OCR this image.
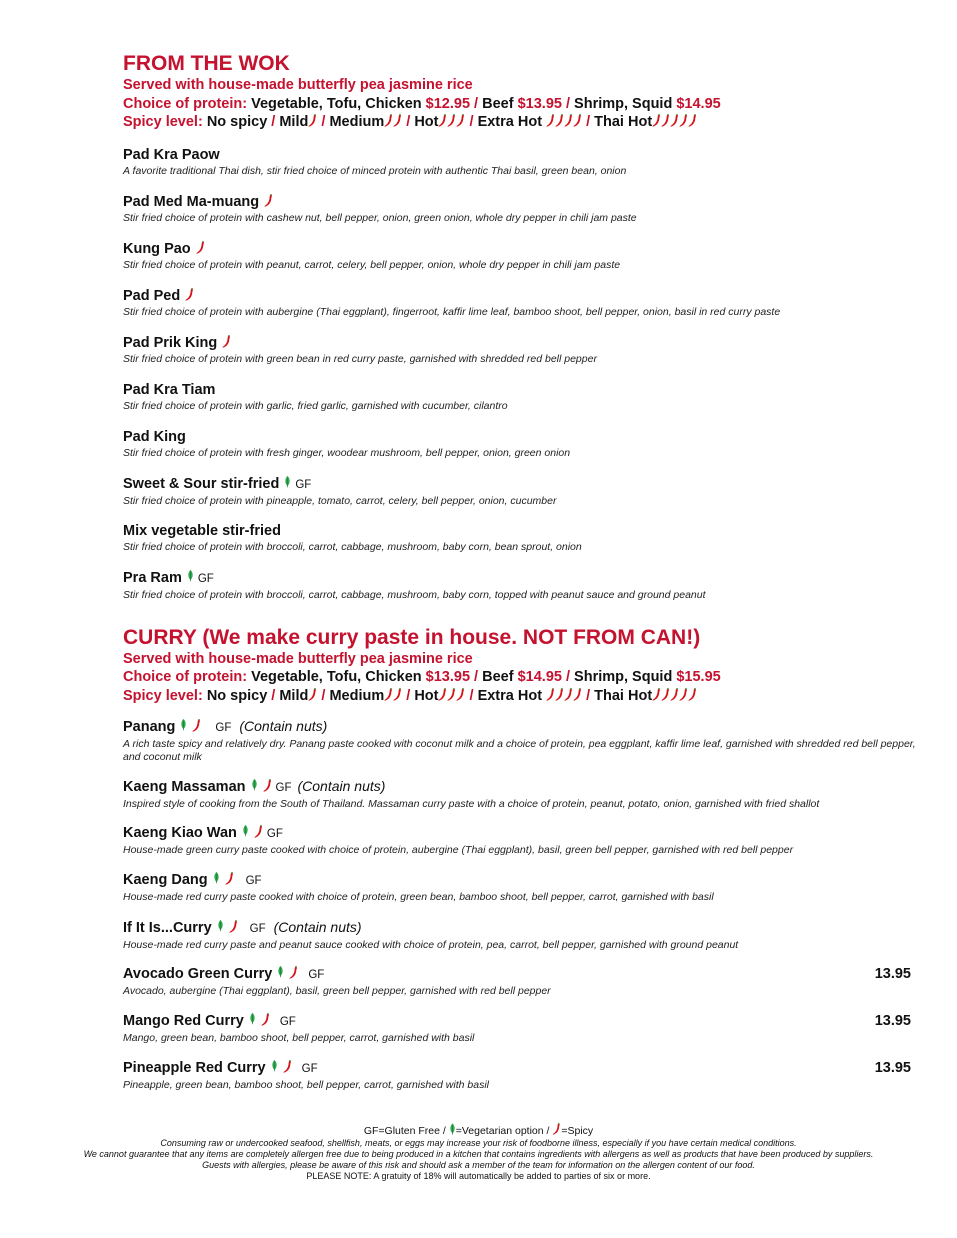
FROM THE WOK
Served with house-made butterfly pea jasmine rice
Choice of protein: Vegetable, Tofu, Chicken $12.95 / Beef $13.95 / Shrimp, Squid $14.95
Spicy level: No spicy / Mild / Medium / Hot / Extra Hot	/ Thai Hot
Pad Kra Paow
A favorite traditional Thai dish, stir fried choice of minced protein with authentic Thai basil, green bean, onion
Pad Med Ma-muang
Stir fried choice of protein with cashew nut, bell pepper, onion, green onion, whole dry pepper in chili jam paste
Kung Pao
Stir fried choice of protein with peanut, carrot, celery, bell pepper, onion, whole dry pepper in chili jam paste
Pad Ped
Stir fried choice of protein with aubergine (Thai eggplant), fingerroot, kaffir lime leaf, bamboo shoot, bell pepper, onion, basil in red curry paste
Pad Prik King
Stir fried choice of protein with green bean in red curry paste, garnished with shredded red bell pepper
Pad Kra Tiam
Stir fried choice of protein with garlic, fried garlic, garnished with cucumber, cilantro
Pad King
Stir fried choice of protein with fresh ginger, woodear mushroom, bell pepper, onion, green onion
Sweet & Sour stir-fried GF
Stir fried choice of protein with pineapple, tomato, carrot, celery, bell pepper, onion, cucumber
Mix vegetable stir-fried
Stir fried choice of protein with broccoli, carrot, cabbage, mushroom, baby corn, bean sprout, onion
Pra Ram GF
Stir fried choice of protein with broccoli, carrot, cabbage, mushroom, baby corn, topped with peanut sauce and ground peanut
CURRY (We make curry paste in house. NOT FROM CAN!)
Served with house-made butterfly pea jasmine rice
Choice of protein: Vegetable, Tofu, Chicken $13.95 / Beef $14.95 / Shrimp, Squid $15.95
Spicy level: No spicy / Mild / Medium / Hot / Extra Hot	/ Thai Hot
Panang	GF (Contain nuts)
A rich taste spicy and relatively dry. Panang paste cooked with coconut milk and a choice of protein, pea eggplant, kaffir lime leaf, garnished with shredded red bell pepper, and coconut milk
Kaeng Massaman	GF (Contain nuts)
Inspired style of cooking from the South of Thailand. Massaman curry paste with a choice of protein, peanut, potato, onion, garnished with fried shallot
Kaeng Kiao Wan	GF
House-made green curry paste cooked with choice of protein, aubergine (Thai eggplant), basil, green bell pepper, garnished with red bell pepper
Kaeng Dang	GF
House-made red curry paste cooked with choice of protein, green bean, bamboo shoot, bell pepper, carrot, garnished with basil
If It Is...Curry	GF (Contain nuts)
House-made red curry paste and peanut sauce cooked with choice of protein, pea, carrot, bell pepper, garnished with ground peanut
Avocado Green Curry	GF	13.95
Avocado, aubergine (Thai eggplant), basil, green bell pepper, garnished with red bell pepper
Mango Red Curry	GF	13.95
Mango, green bean, bamboo shoot, bell pepper, carrot, garnished with basil
Pineapple Red Curry	GF	13.95
Pineapple, green bean, bamboo shoot, bell pepper, carrot, garnished with basil
GF=Gluten Free / =Vegetarian option / =Spicy
Consuming raw or undercooked seafood, shellfish, meats, or eggs may increase your risk of foodborne illness, especially if you have certain medical conditions.
We cannot guarantee that any items are completely allergen free due to being produced in a kitchen that contains ingredients with allergens as well as products that have been produced by suppliers. Guests with allergies, please be aware of this risk and should ask a member of the team for information on the allergen content of our food.
PLEASE NOTE: A gratuity of 18% will automatically be added to parties of six or more.
